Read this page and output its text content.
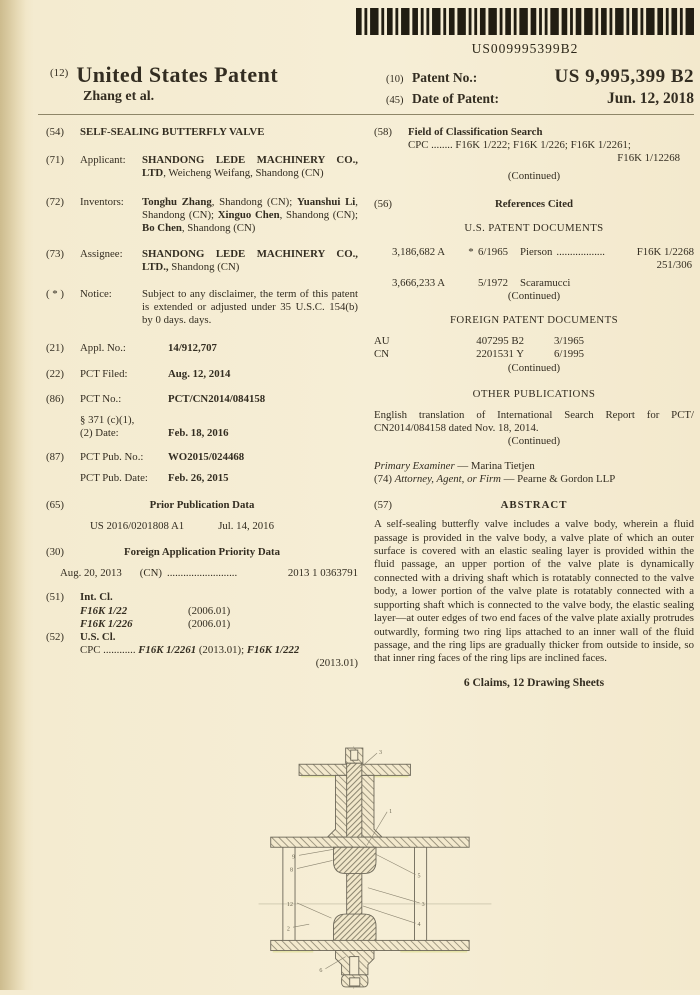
US009995399B2
$^{(12)}$ United States Patent
Zhang et al.
(10) Patent No.:	US 9,995,399 B2
(45) Date of Patent:	Jun. 12, 2018
(54)	SELF-SEALING BUTTERFLY VALVE
(71)	Applicant:	SHANDONG LEDE MACHINERY CO., LTD, Weicheng Weifang, Shandong (CN)
(72)	Inventors:	Tonghu Zhang, Shandong (CN); Yuanshui Li, Shandong (CN); Xinguo Chen, Shandong (CN); Bo Chen, Shandong (CN)
(73)	Assignee:	SHANDONG LEDE MACHINERY CO., LTD., Shandong (CN)
( * )	Notice:	Subject to any disclaimer, the term of this patent is extended or adjusted under 35 U.S.C. 154(b) by 0 days. days.
(21)	Appl. No.:	14/912,707
(22)	PCT Filed:	Aug. 12, 2014
(86)	PCT No.:	PCT/CN2014/084158
§ 371 (c)(1),
(2) Date:	Feb. 18, 2016
(87)	PCT Pub. No.:	WO2015/024468
PCT Pub. Date:	Feb. 26, 2015
(65)	Prior Publication Data
US 2016/0201808 A1	Jul. 14, 2016
(30)	Foreign Application Priority Data
Aug. 20, 2013 (CN) ..........................	2013 1 0363791
(51)	Int. Cl.
F16K 1/22	(2006.01)
F16K 1/226	(2006.01)
(52)	U.S. Cl.
CPC ............ F16K 1/2261 (2013.01); F16K 1/222
(2013.01)
(58)	Field of Classification Search
CPC ........ F16K 1/222; F16K 1/226; F16K 1/2261;
F16K 1/12268
(Continued)
(56)	References Cited
U.S. PATENT DOCUMENTS
3,186,682 A	* 6/1965	Pierson ..................	F16K 1/2268
251/306
3,666,233 A	5/1972	Scaramucci
(Continued)
FOREIGN PATENT DOCUMENTS
AU	407295 B2	3/1965
CN	2201531 Y	6/1995
(Continued)
OTHER PUBLICATIONS
English translation of International Search Report for PCT/ CN2014/084158 dated Nov. 18, 2014.
(Continued)
Primary Examiner — Marina Tietjen
(74) Attorney, Agent, or Firm — Pearne & Gordon LLP
(57)	ABSTRACT
A self-sealing butterfly valve includes a valve body, wherein a fluid passage is provided in the valve body, a valve plate of which an outer surface is covered with an elastic sealing layer is provided within the fluid passage, an upper portion of the valve plate is dynamically connected with a driving shaft which is rotatably connected to the valve body, a lower portion of the valve plate is rotatably connected with a supporting shaft which is connected to the valve body, the elastic sealing layer—at outer edges of two end faces of the valve plate axially protrudes outwardly, forming two ring lips attached to an inner wall of the fluid passage, and the ring lips are gradually thicker from outside to inside, so that inner ring faces of the ring lips are inclined faces.
6 Claims, 12 Drawing Sheets
3
1
9
8
5
3
4
12
2
6
